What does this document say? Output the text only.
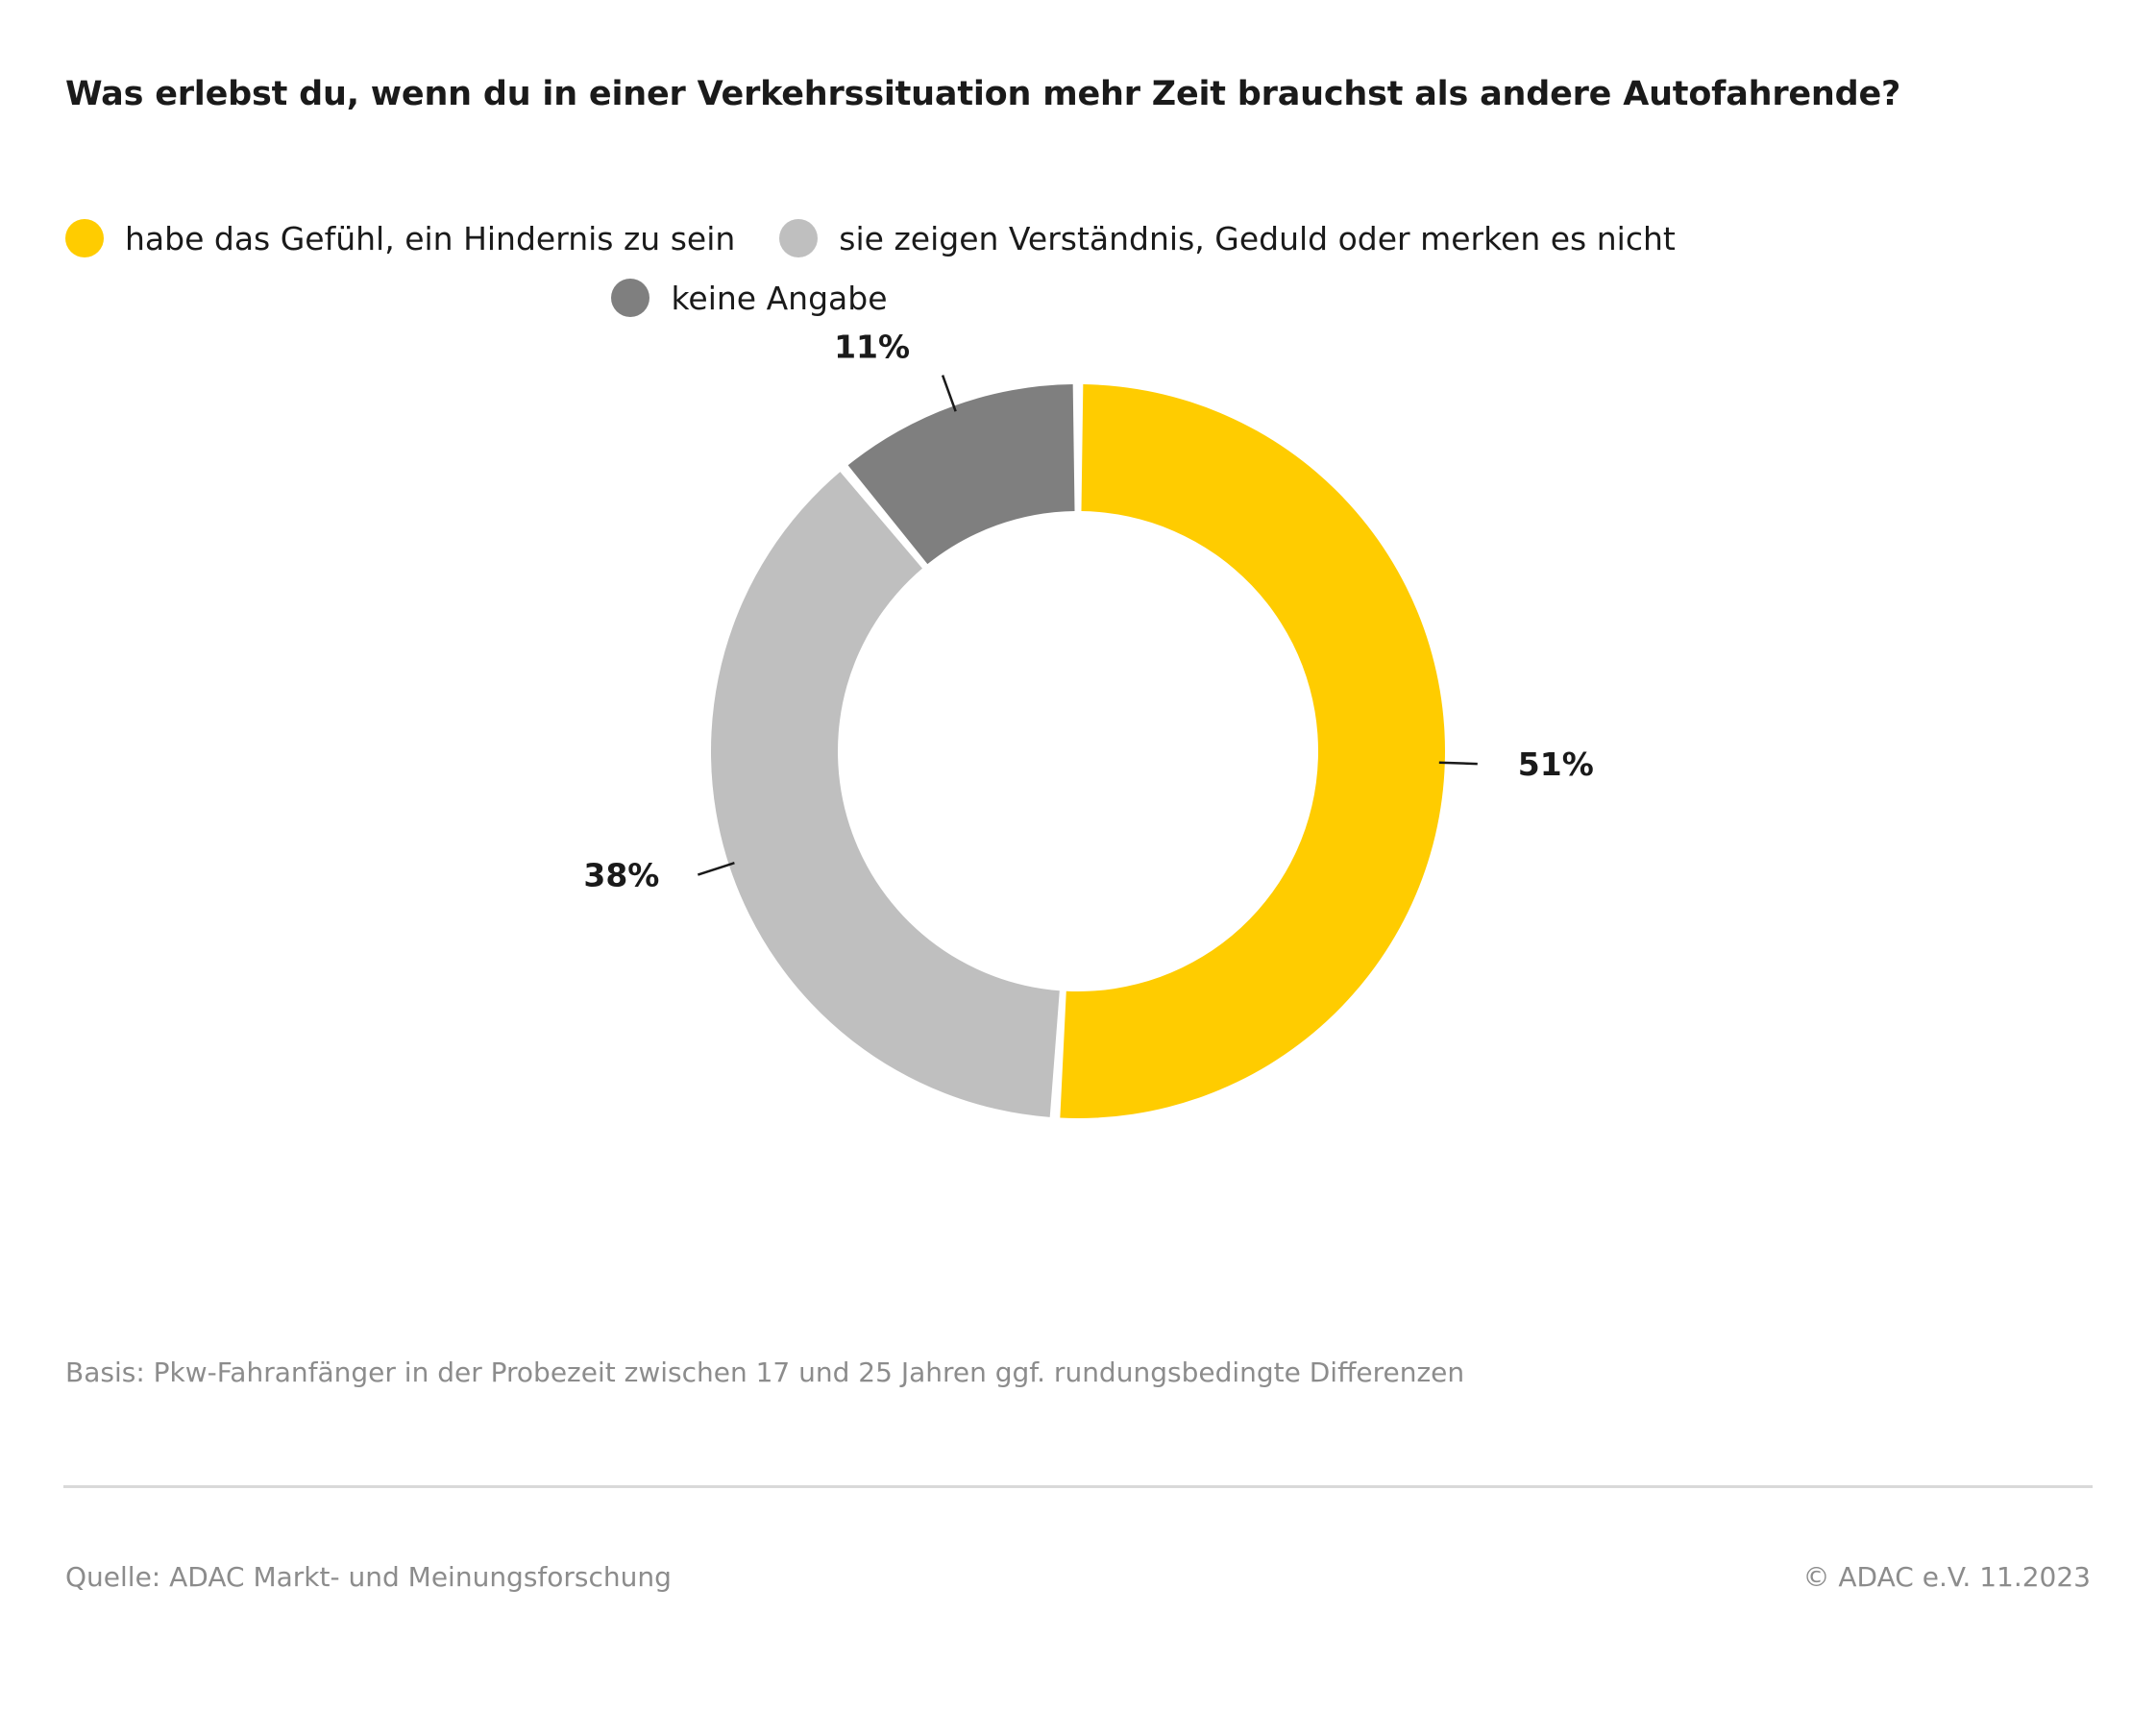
Was erlebst du, wenn du in einer Verkehrssituation mehr Zeit brauchst als andere Autofahrende?
habe das Gefühl, ein Hindernis zu sein	sie zeigen Verständnis, Geduld oder merken es nicht
keine Angabe
51%
38%
11%
Basis: Pkw-Fahranfänger in der Probezeit zwischen 17 und 25 Jahren ggf. rundungsbedingte Differenzen
Quelle: ADAC Markt- und Meinungsforschung	© ADAC e.V. 11.2023
